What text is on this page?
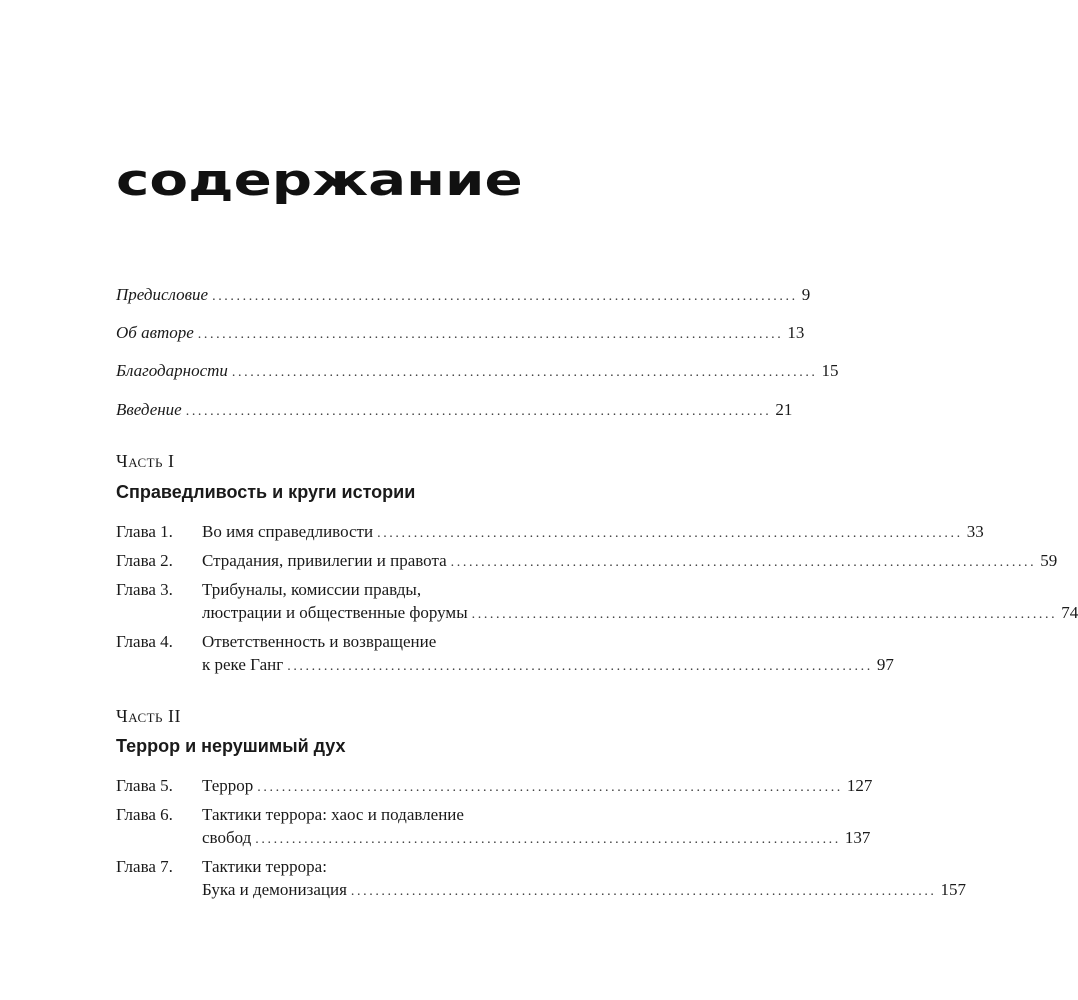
содержание
Предисловие ................................................................................................ 9
Об авторе ................................................................................................ 13
Благодарности ................................................................................................ 15
Введение ................................................................................................ 21
Часть I
Справедливость и круги истории
Глава 1. Во имя справедливости ................................................................................................ 33
Глава 2. Страдания, привилегии и правота ................................................................................................ 59
Глава 3. Трибуналы, комиссии правды,
люстрации и общественные форумы ................................................................................................ 74
Глава 4. Ответственность и возвращение
к реке Ганг ................................................................................................ 97
Часть II
Террор и нерушимый дух
Глава 5. Террор ................................................................................................ 127
Глава 6. Тактики террора: хаос и подавление
свобод ................................................................................................ 137
Глава 7. Тактики террора:
Бука и демонизация ................................................................................................ 157
